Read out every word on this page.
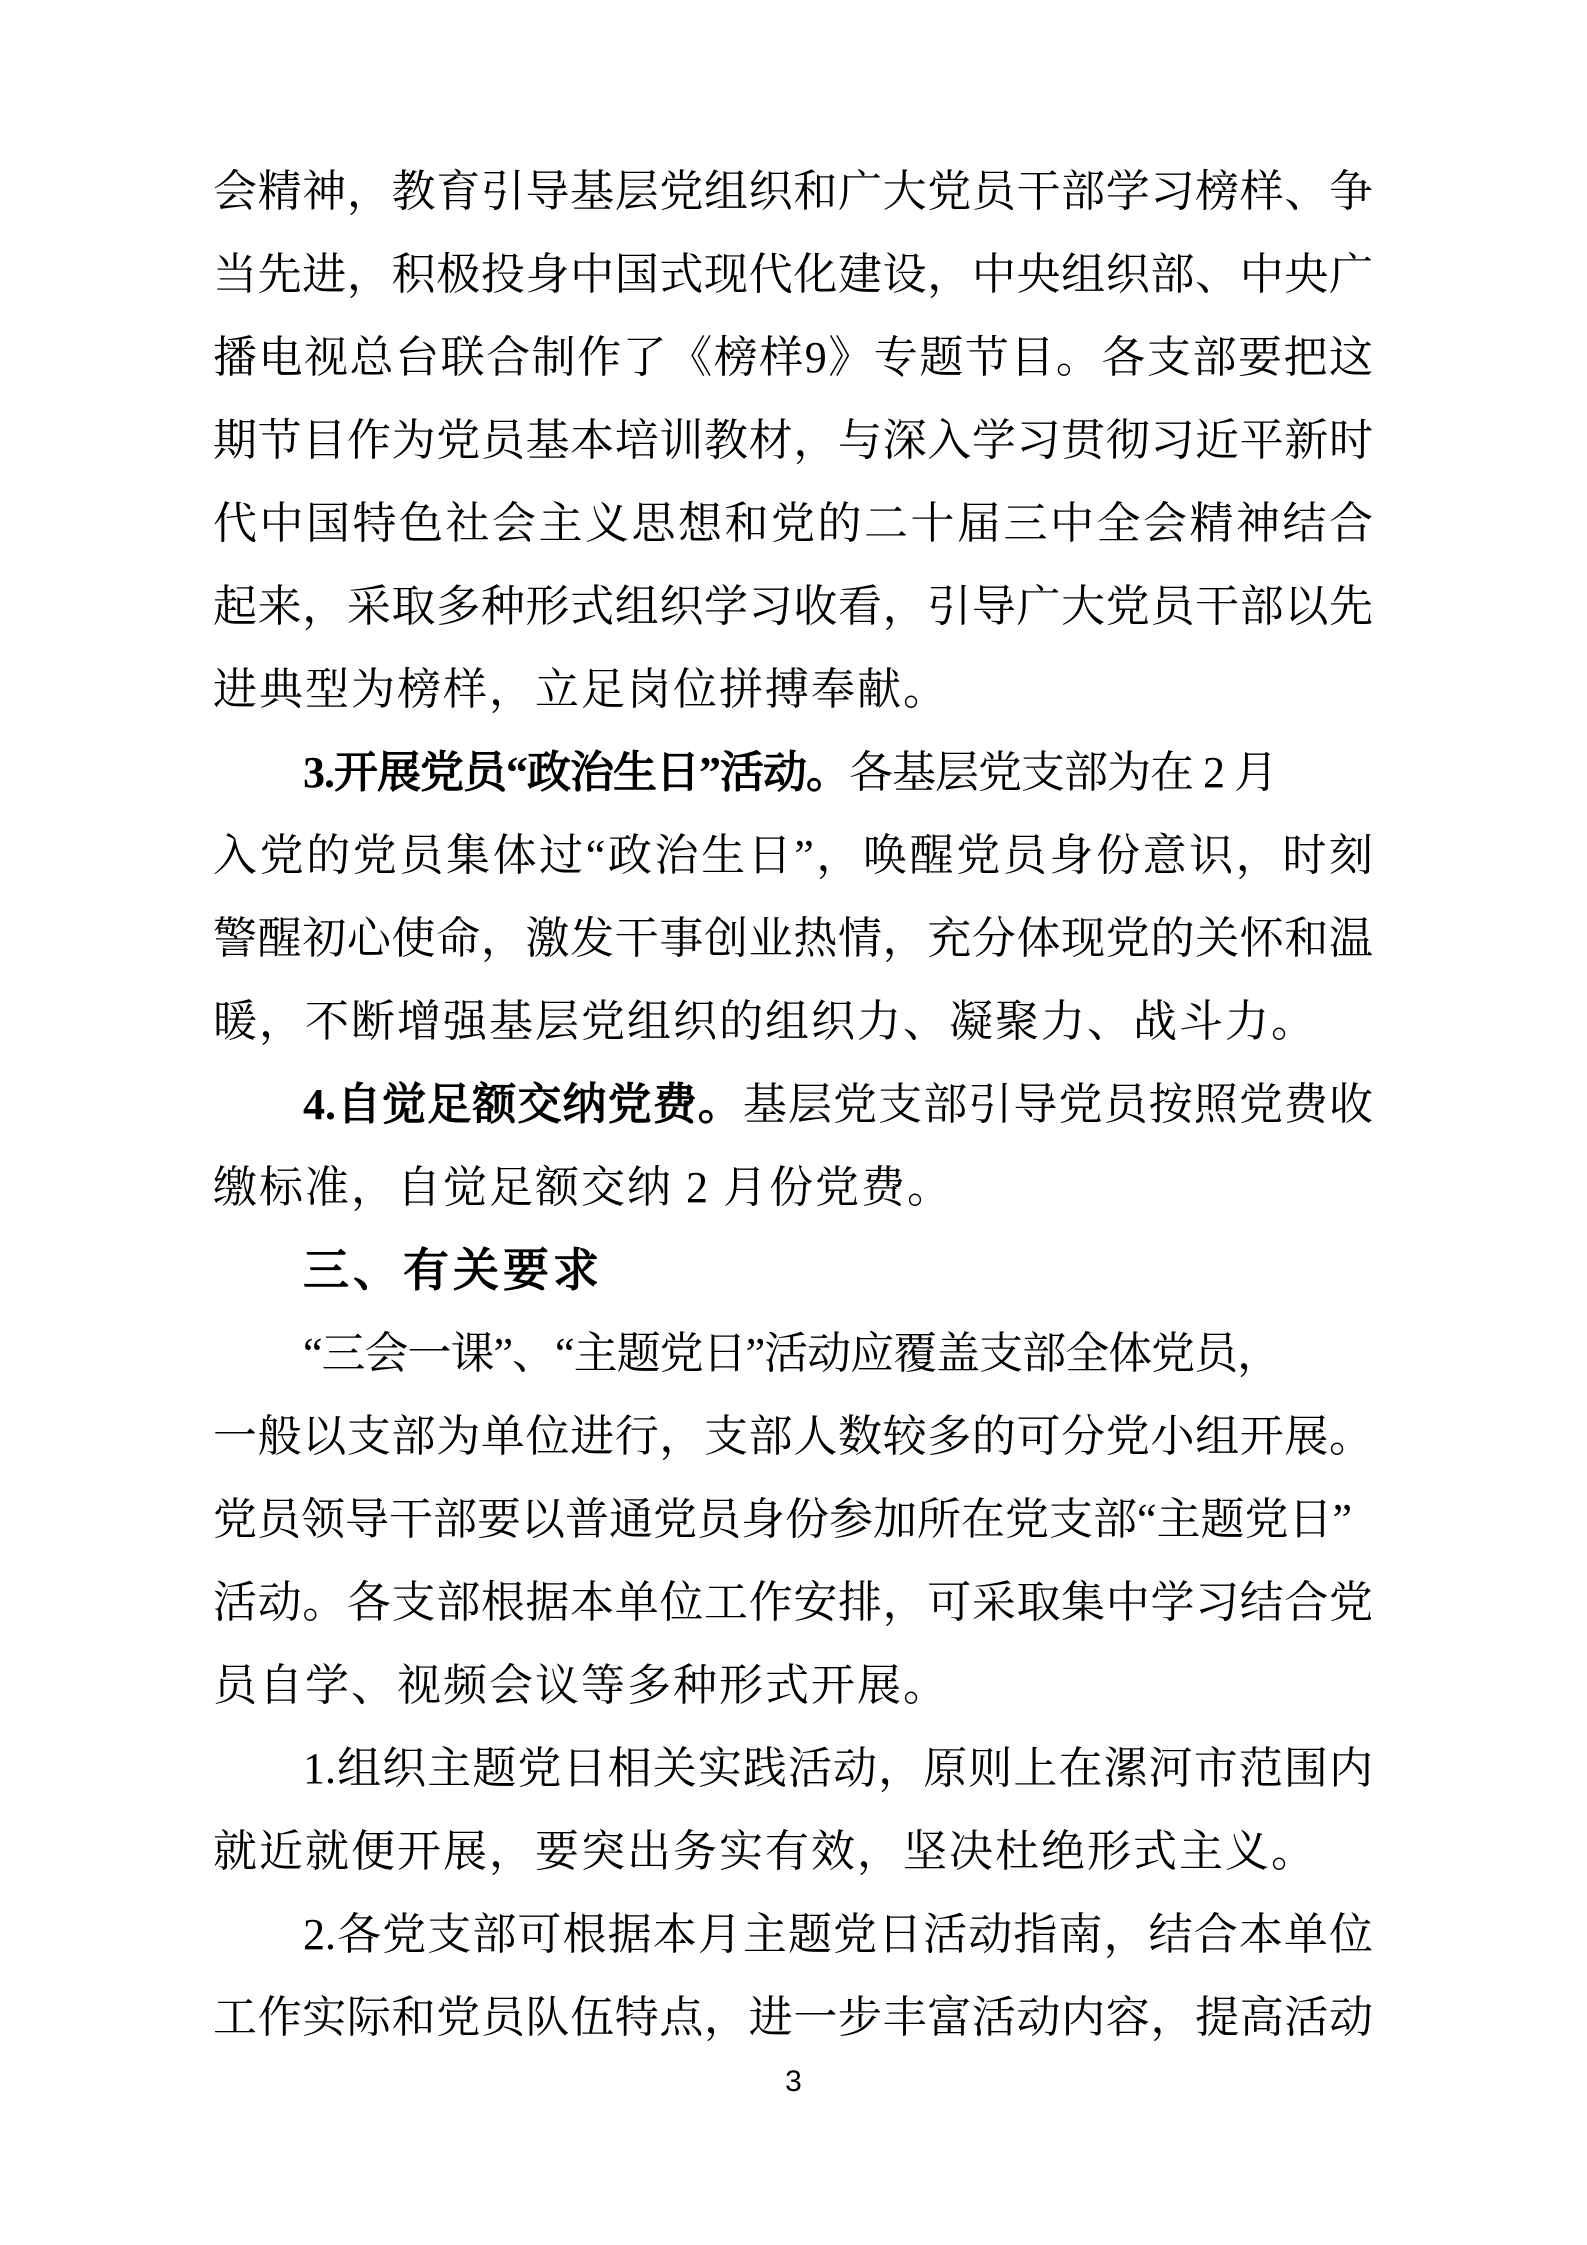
会精神，教育引导基层党组织和广大党员干部学习榜样、争
当先进，积极投身中国式现代化建设，中央组织部、中央广
播电视总台联合制作了《榜样9》专题节目。各支部要把这
期节目作为党员基本培训教材，与深入学习贯彻习近平新时
代中国特色社会主义思想和党的二十届三中全会精神结合
起来，采取多种形式组织学习收看，引导广大党员干部以先
进典型为榜样，立足岗位拼搏奉献。
3.开展党员“政治生日”活动。各基层党支部为在 2 月
入党的党员集体过“政治生日”，唤醒党员身份意识，时刻
警醒初心使命，激发干事创业热情，充分体现党的关怀和温
暖，不断增强基层党组织的组织力、凝聚力、战斗力。
4.自觉足额交纳党费。基层党支部引导党员按照党费收
缴标准，自觉足额交纳 2 月份党费。
三、有关要求
“三会一课”、“主题党日”活动应覆盖支部全体党员，
一般以支部为单位进行，支部人数较多的可分党小组开展。
党员领导干部要以普通党员身份参加所在党支部“主题党日”
活动。各支部根据本单位工作安排，可采取集中学习结合党
员自学、视频会议等多种形式开展。
1.组织主题党日相关实践活动，原则上在漯河市范围内
就近就便开展，要突出务实有效，坚决杜绝形式主义。
2.各党支部可根据本月主题党日活动指南，结合本单位
工作实际和党员队伍特点，进一步丰富活动内容，提高活动
3
